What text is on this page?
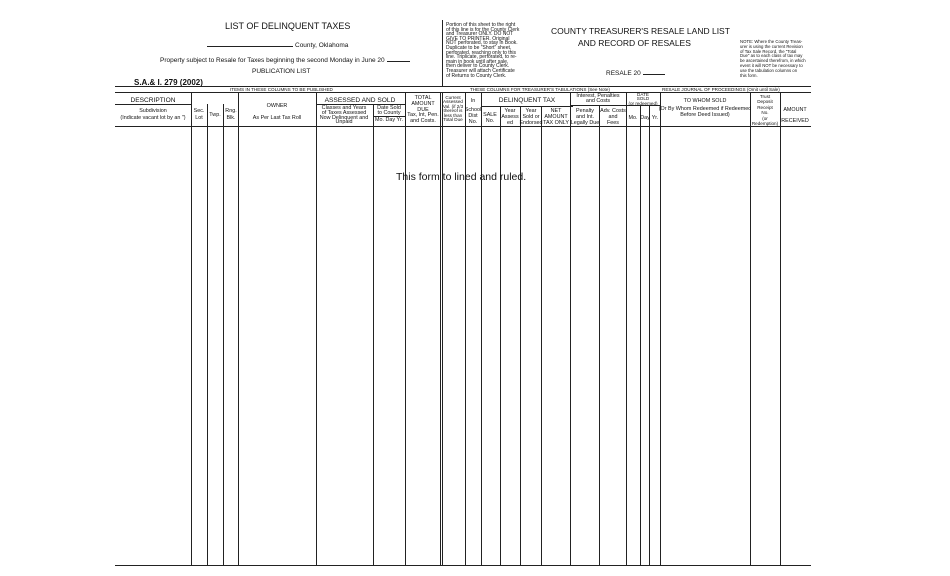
LIST OF DELINQUENT TAXES
County, Oklahoma
Property subject to Resale for Taxes beginning the second Monday in June 20
PUBLICATION LIST
S.A.& I. 279 (2002)
Portion of this sheet to the right
of this line is for the County Clerk
and Treasurer ONLY. DO NOT
GIVE TO PRINTER. Original
NOT perforated, to stay in Book.
Duplicate to be "Short" sheet,
perforated, reaching only to this
line. Triplicate, perforated, to re-
main in book until after sale,
then deliver to County Clerk.
Treasurer will attach Certificate
of Returns to County Clerk.
COUNTY TREASURER'S RESALE LAND LIST
AND RECORD OF RESALES
RESALE 20
NOTE: Where the County Treas-
urer is using the current Revision
of Tax Sale Record, the "Total
Due" as to each class of tax may
be ascertained therefrom, in which
event it will NOT be necessary to
use the tabulation columns on
this form.
ITEMS IN THESE COLUMNS TO BE PUBLISHED	THESE COLUMNS FOR TREASURER'S TABULATIONS (See Note)	RESALE JOURNAL OF PROCEEDINGS (Omit until Sale)
DESCRIPTION
Subdivision
(Indicate vacant lot by an ")
Sec.
Lot Twp.
Rng.
Blk.
OWNER
As Per Last Tax Roll
ASSESSED AND SOLD
Classes and Years
of Taxes Assessed
Now Delinquent and
Unpaid
Date Sold
to County
Mo. Day Yr.
TOTAL
AMOUNT
DUE
Tax, Int, Pen.
and Costs.
Current
Assessed
Val. (if 2/3
thereof is
less than
Total Due
In
School
Dist
No.
DELINQUENT TAX
SALE
No.
Year
Assess
ed
Year
Sold or
Endorsed
NET
AMOUNT
TAX ONLY
Interest, Penalties
and Costs
Penalty
and Int.
Legally Due
Adv. Costs
and
Fees
DATE
SOLD
(or redeemed)
Mo. Day Yr.
TO WHOM SOLD
(Or By Whom Redeemed if Redeemed
Before Deed Issued)
Trust
Deposit
Receipt
No.
(or
Redemption)
AMOUNT
RECEIVED
This form to lined and ruled.
